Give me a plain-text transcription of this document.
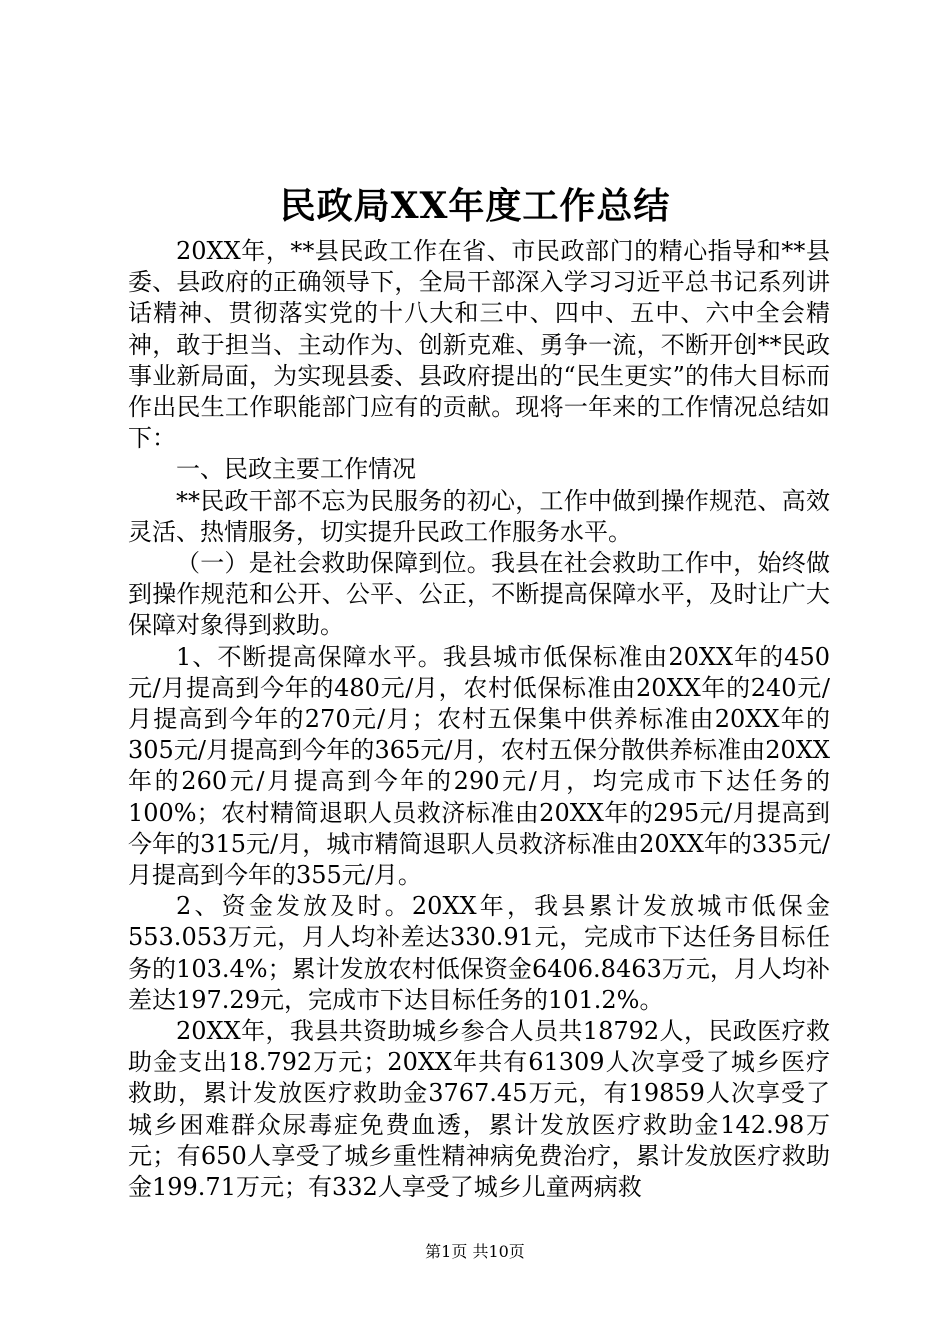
民政局XX年度工作总结

20XX年，**县民政工作在省、市民政部门的精心指导和**县委、县政府的正确领导下，全局干部深入学习习近平总书记系列讲话精神、贯彻落实党的十八大和三中、四中、五中、六中全会精神，敢于担当、主动作为、创新克难、勇争一流，不断开创**民政事业新局面，为实现县委、县政府提出的“民生更实”的伟大目标而作出民生工作职能部门应有的贡献。现将一年来的工作情况总结如下：

一、民政主要工作情况

**民政干部不忘为民服务的初心，工作中做到操作规范、高效灵活、热情服务，切实提升民政工作服务水平。

（一）是社会救助保障到位。我县在社会救助工作中，始终做到操作规范和公开、公平、公正，不断提高保障水平，及时让广大保障对象得到救助。

1、不断提高保障水平。我县城市低保标准由20XX年的450元/月提高到今年的480元/月，农村低保标准由20XX年的240元/月提高到今年的270元/月；农村五保集中供养标准由20XX年的305元/月提高到今年的365元/月，农村五保分散供养标准由20XX年的260元/月提高到今年的290元/月，均完成市下达任务的100%；农村精简退职人员救济标准由20XX年的295元/月提高到今年的315元/月，城市精简退职人员救济标准由20XX年的335元/月提高到今年的355元/月。

2、资金发放及时。20XX年，我县累计发放城市低保金553.053万元，月人均补差达330.91元，完成市下达任务目标任务的103.4%；累计发放农村低保资金6406.8463万元，月人均补差达197.29元，完成市下达目标任务的101.2%。

20XX年，我县共资助城乡参合人员共18792人，民政医疗救助金支出18.792万元；20XX年共有61309人次享受了城乡医疗救助，累计发放医疗救助金3767.45万元，有19859人次享受了城乡困难群众尿毒症免费血透，累计发放医疗救助金142.98万元；有650人享受了城乡重性精神病免费治疗，累计发放医疗救助金199.71万元；有332人享受了城乡儿童两病救

第1页 共10页
